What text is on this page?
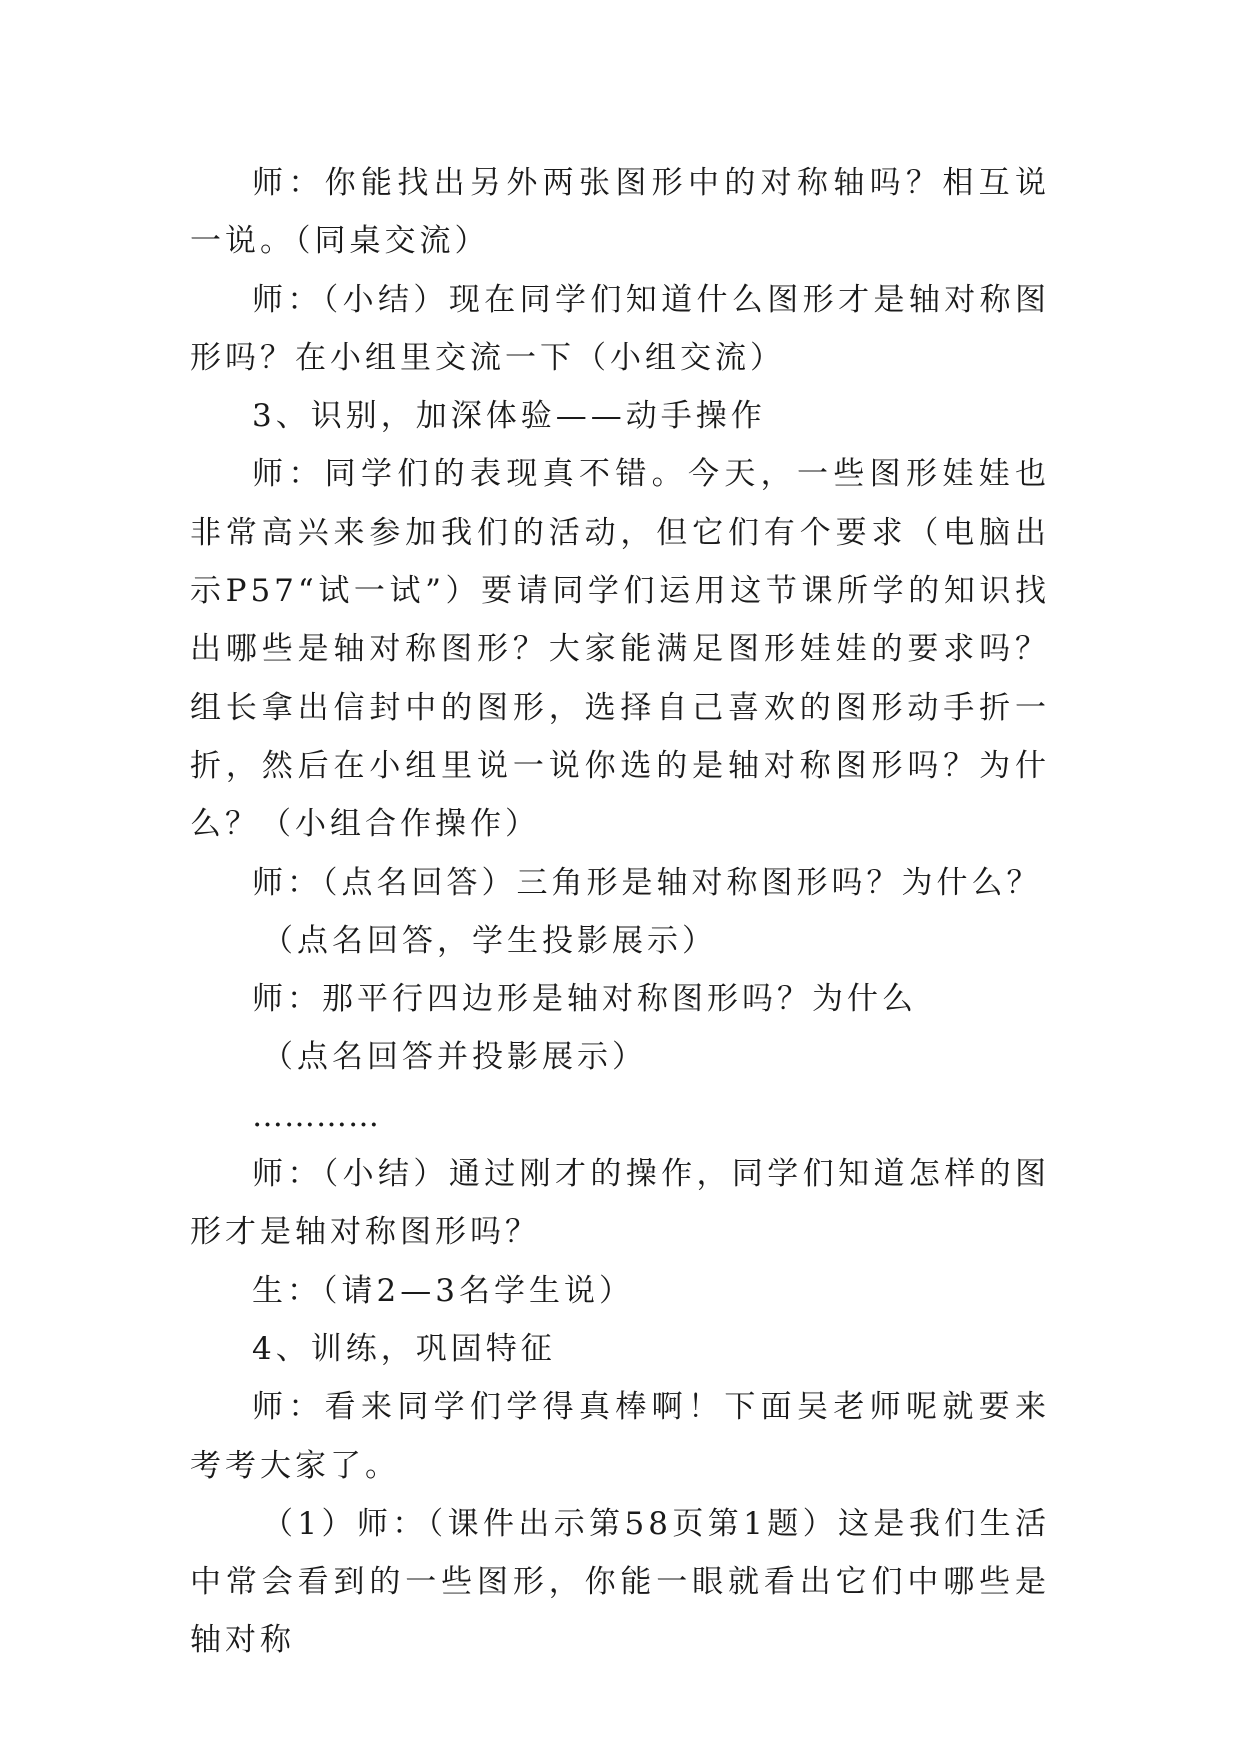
师：你能找出另外两张图形中的对称轴吗？相互说一说。（同桌交流）

师：（小结）现在同学们知道什么图形才是轴对称图形吗？在小组里交流一下（小组交流）

3、识别，加深体验——动手操作

师：同学们的表现真不错。今天，一些图形娃娃也非常高兴来参加我们的活动，但它们有个要求（电脑出示P57“试一试”）要请同学们运用这节课所学的知识找出哪些是轴对称图形？大家能满足图形娃娃的要求吗？组长拿出信封中的图形，选择自己喜欢的图形动手折一折，然后在小组里说一说你选的是轴对称图形吗？为什么？（小组合作操作）

师：（点名回答）三角形是轴对称图形吗？为什么？

（点名回答，学生投影展示）

师：那平行四边形是轴对称图形吗？为什么

（点名回答并投影展示）

…………

师：（小结）通过刚才的操作，同学们知道怎样的图形才是轴对称图形吗？

生：（请2—3名学生说）

4、训练，巩固特征

师：看来同学们学得真棒啊！下面吴老师呢就要来考考大家了。

（1）师：（课件出示第58页第1题）这是我们生活中常会看到的一些图形，你能一眼就看出它们中哪些是轴对称
